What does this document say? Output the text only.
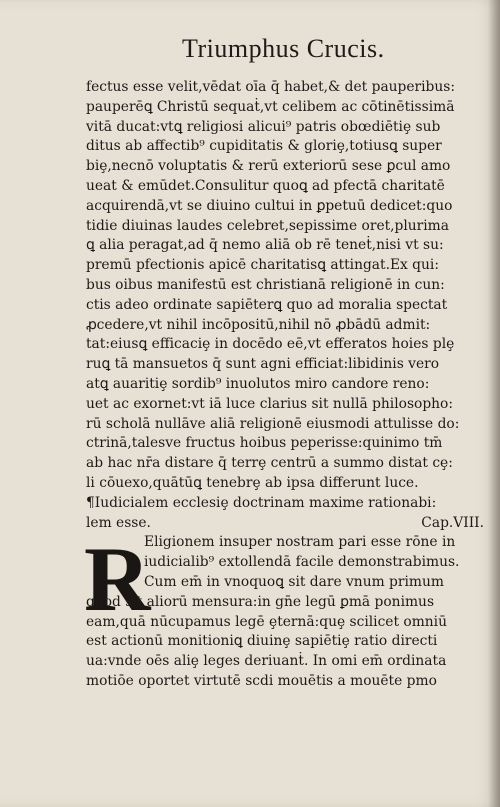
Triumphus Crucis.
R
fectus esse velit,vēdat oīa q̄ habet,& det pauperibus:
pauperēꝗ Christū sequaṫ,vt celibem ac cōtinētissimā
vitā ducat:vtꝗ religiosi alicui⁹ patris obœdiētiȩ sub
ditus ab affectib⁹ cupiditatis & gloriȩ,totiusꝗ super
biȩ,necnō voluptatis & rerū exteriorū sese ꝑcul amo
ueat & emūdet.Consulitur quoꝗ ad pfectā charitatē
acquirendā,vt se diuino cultui in ꝑpetuū dedicet:quo
tidie diuinas laudes celebret,sepissime oret,plurima
ꝗ alia peragat,ad q̄ nemo aliā ob rē teneṫ,nisi vt su:
premū pfectionis apicē charitatisꝗ attingat.Ex qui:
bus oibus manifestū est christianā religionē in cun:
ctis adeo ordinate sapiēterꝗ quo ad moralia spectat
ꝓcedere,vt nihil incōpositū,nihil nō ꝓbādū admit:
tat:eiusꝗ efficaciȩ in docēdo eē,vt efferatos hoies plȩ
ruꝗ tā mansuetos q̄ sunt agni efficiat:libidinis vero
atꝗ auaritiȩ sordib⁹ inuolutos miro candore reno:
uet ac exornet:vt iā luce clarius sit nullā philosopho:
rū scholā nullāve aliā religionē eiusmodi attulisse do:
ctrinā,talesve fructus hoibus peperisse:quinimo tm̄
ab hac nr̄a distare q̄ terrȩ centrū a summo distat cȩ:
li cōuexo,quātūꝗ tenebrȩ ab ipsa differunt luce.
¶Iudicialem ecclesiȩ doctrinam maxime rationabi:
lem esse.	Cap.VIII.
Eligionem insuper nostram pari esse rōne in
iudicialib⁹ extollendā facile demonstrabimus.
Cum em̄ in vnoquoꝗ sit dare vnum primum
quod sit aliorū mensura:in gn̄e legū ꝑmā ponimus
eam,quā nūcupamus legē ȩternā:quȩ scilicet omniū
est actionū monitioniꝗ diuinȩ sapiētiȩ ratio directi
ua:vnde oēs aliȩ leges deriuanṫ. In omi em̄ ordinata
motiōe oportet virtutē scdi mouētis a mouēte pmo
